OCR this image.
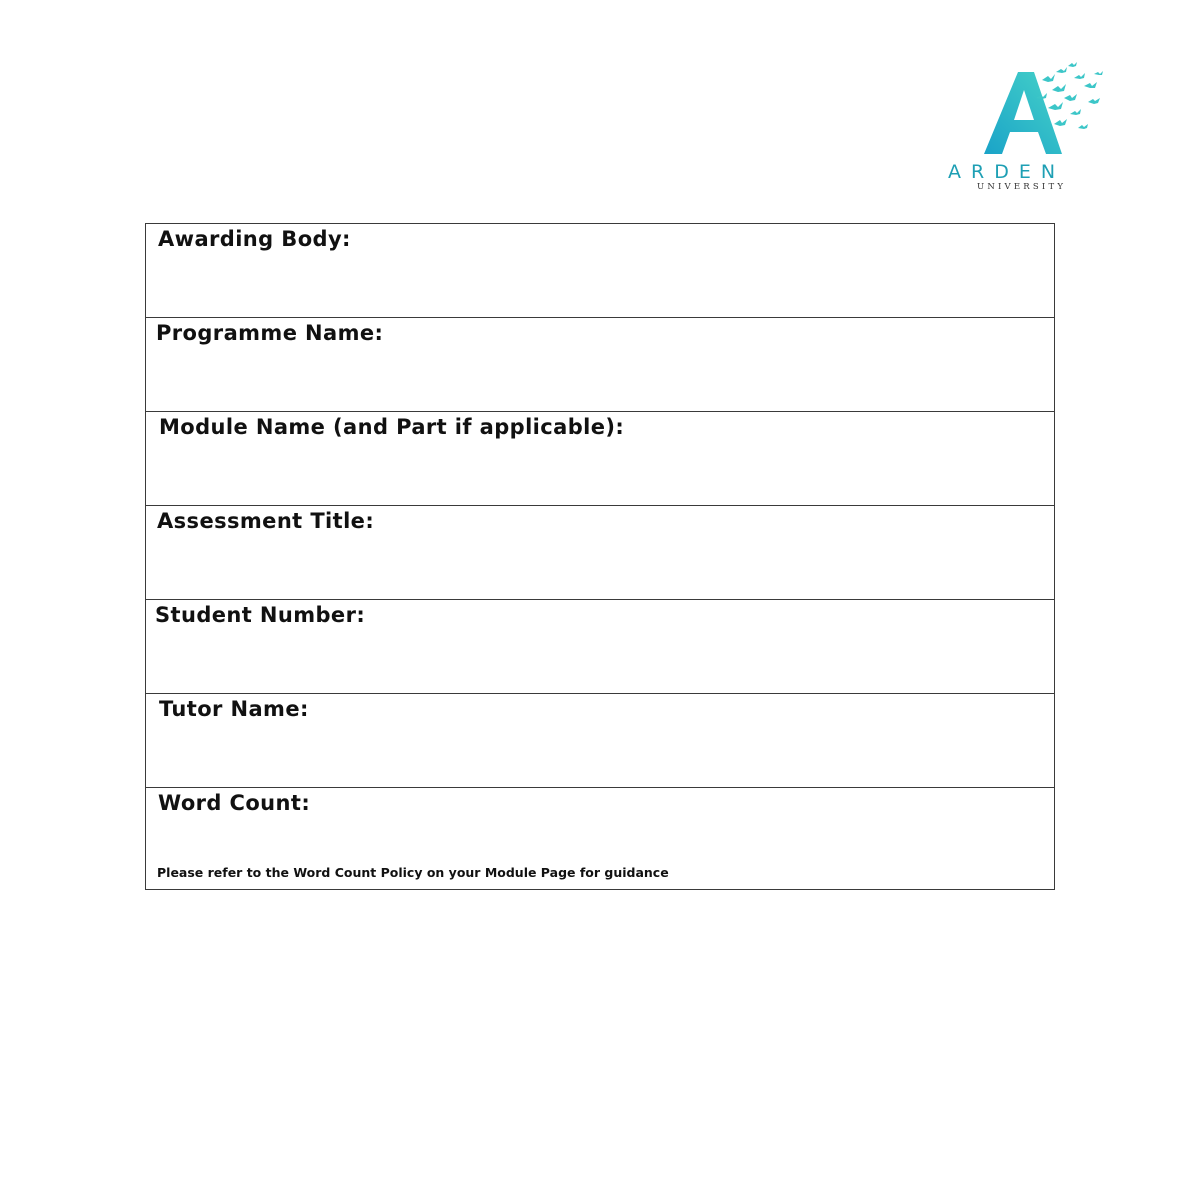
ARDEN
UNIVERSITY
Awarding Body:
Programme Name:
Module Name (and Part if applicable):
Assessment Title:
Student Number:
Tutor Name:
Word Count:
Please refer to the Word Count Policy on your Module Page for guidance
